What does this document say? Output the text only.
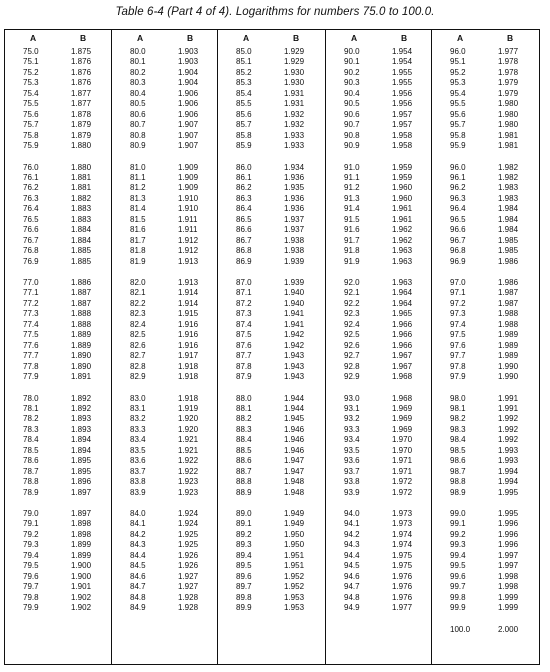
Table 6-4 (Part 4 of 4). Logarithms for numbers 75.0 to 100.0.
A	B
75.0	1.875
75.1	1.876
75.2	1.876
75.3	1.876
75.4	1.877
75.5	1.877
75.6	1.878
75.7	1.879
75.8	1.879
75.9	1.880
76.0	1.880
76.1	1.881
76.2	1.881
76.3	1.882
76.4	1.883
76.5	1.883
76.6	1.884
76.7	1.884
76.8	1.885
76.9	1.885
77.0	1.886
77.1	1.887
77.2	1.887
77.3	1.888
77.4	1.888
77.5	1.889
77.6	1.889
77.7	1.890
77.8	1.890
77.9	1.891
78.0	1.892
78.1	1.892
78.2	1.893
78.3	1.893
78.4	1.894
78.5	1.894
78.6	1.895
78.7	1.895
78.8	1.896
78.9	1.897
79.0	1.897
79.1	1.898
79.2	1.898
79.3	1.899
79.4	1.899
79.5	1.900
79.6	1.900
79.7	1.901
79.8	1.902
79.9	1.902
A	B
80.0	1.903
80.1	1.903
80.2	1.904
80.3	1.904
80.4	1.906
80.5	1.906
80.6	1.906
80.7	1.907
80.8	1.907
80.9	1.907
81.0	1.909
81.1	1.909
81.2	1.909
81.3	1.910
81.4	1.910
81.5	1.911
81.6	1.911
81.7	1.912
81.8	1.912
81.9	1.913
82.0	1.913
82.1	1.914
82.2	1.914
82.3	1.915
82.4	1.916
82.5	1.916
82.6	1.916
82.7	1.917
82.8	1.918
82.9	1.918
83.0	1.918
83.1	1.919
83.2	1.920
83.3	1.920
83.4	1.921
83.5	1.921
83.6	1.922
83.7	1.922
83.8	1.923
83.9	1.923
84.0	1.924
84.1	1.924
84.2	1.925
84.3	1.925
84.4	1.926
84.5	1.926
84.6	1.927
84.7	1.927
84.8	1.928
84.9	1.928
A	B
85.0	1.929
85.1	1.929
85.2	1.930
85.3	1.930
85.4	1.931
85.5	1.931
85.6	1.932
85.7	1.932
85.8	1.933
85.9	1.933
86.0	1.934
86.1	1.936
86.2	1.935
86.3	1.936
86.4	1.936
86.5	1.937
86.6	1.937
86.7	1.938
86.8	1.938
86.9	1.939
87.0	1.939
87.1	1.940
87.2	1.940
87.3	1.941
87.4	1.941
87.5	1.942
87.6	1.942
87.7	1.943
87.8	1.943
87.9	1.943
88.0	1.944
88.1	1.944
88.2	1.945
88.3	1.946
88.4	1.946
88.5	1.946
88.6	1.947
88.7	1.947
88.8	1.948
88.9	1.948
89.0	1.949
89.1	1.949
89.2	1.950
89.3	1.950
89.4	1.951
89.5	1.951
89.6	1.952
89.7	1.952
89.8	1.953
89.9	1.953
A	B
90.0	1.954
90.1	1.954
90.2	1.955
90.3	1.955
90.4	1.956
90.5	1.956
90.6	1.957
90.7	1.957
90.8	1.958
90.9	1.958
91.0	1.959
91.1	1.959
91.2	1.960
91.3	1.960
91.4	1.961
91.5	1.961
91.6	1.962
91.7	1.962
91.8	1.963
91.9	1.963
92.0	1.963
92.1	1.964
92.2	1.964
92.3	1.965
92.4	1.966
92.5	1.966
92.6	1.966
92.7	1.967
92.8	1.967
92.9	1.968
93.0	1.968
93.1	1.969
93.2	1.969
93.3	1.969
93.4	1.970
93.5	1.970
93.6	1.971
93.7	1.971
93.8	1.972
93.9	1.972
94.0	1.973
94.1	1.973
94.2	1.974
94.3	1.974
94.4	1.975
94.5	1.975
94.6	1.976
94.7	1.976
94.8	1.976
94.9	1.977
A	B
96.0	1.977
95.1	1.978
95.2	1.978
95.3	1.979
95.4	1.979
95.5	1.980
95.6	1.980
95.7	1.980
95.8	1.981
95.9	1.981
96.0	1.982
96.1	1.982
96.2	1.983
96.3	1.983
96.4	1.984
96.5	1.984
96.6	1.984
96.7	1.985
96.8	1.985
96.9	1.986
97.0	1.986
97.1	1.987
97.2	1.987
97.3	1.988
97.4	1.988
97.5	1.989
97.6	1.989
97.7	1.989
97.8	1.990
97.9	1.990
98.0	1.991
98.1	1.991
98.2	1.992
98.3	1.992
98.4	1.992
98.5	1.993
98.6	1.993
98.7	1.994
98.8	1.994
98.9	1.995
99.0	1.995
99.1	1.996
99.2	1.996
99.3	1.996
99.4	1.997
99.5	1.997
99.6	1.998
99.7	1.998
99.8	1.999
99.9	1.999
100.0	2.000
